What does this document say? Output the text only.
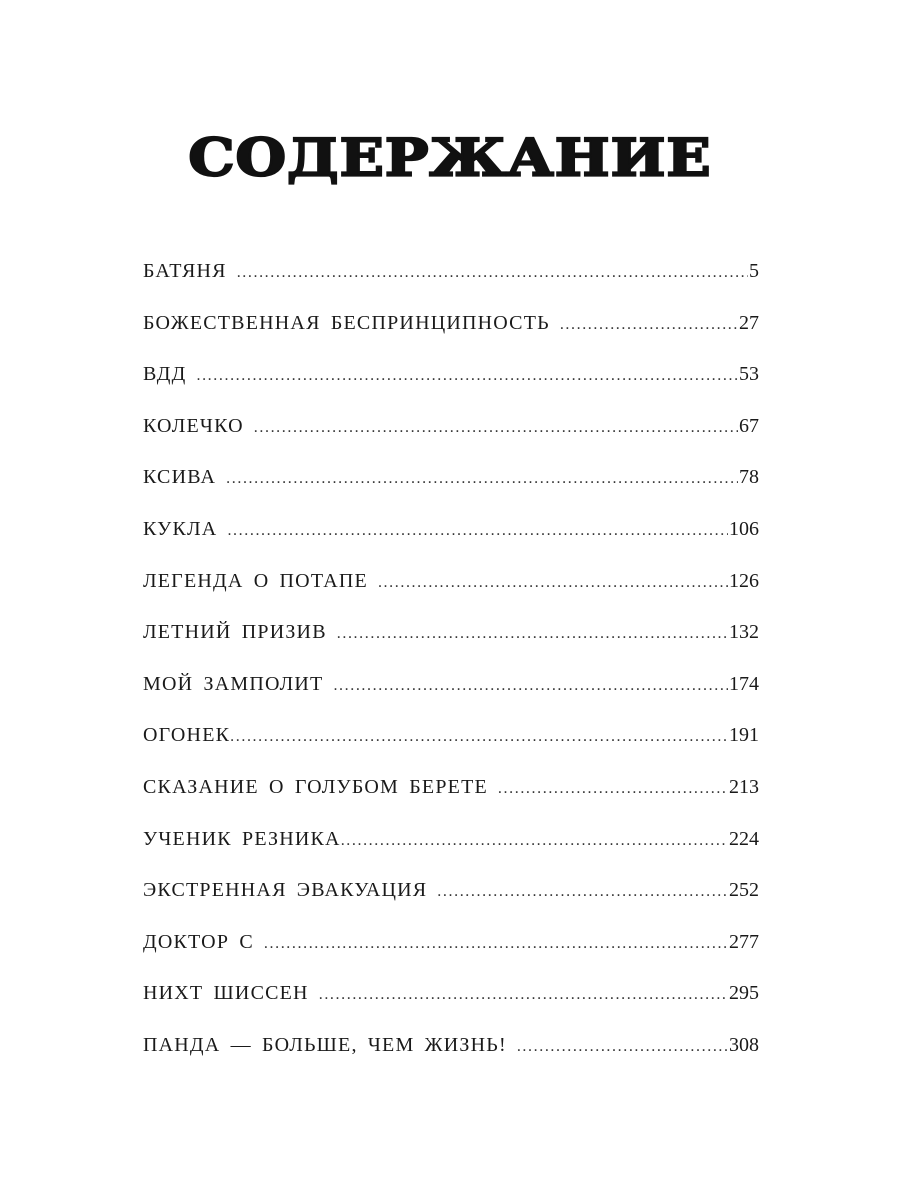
СОДЕРЖАНИЕ
БАТЯНЯ .....	5
БОЖЕСТВЕННАЯ БЕСПРИНЦИПНОСТЬ .....	27
ВДД .....	53
КОЛЕЧКО .....	67
КСИВА .....	78
КУКЛА .....	106
ЛЕГЕНДА О ПОТАПЕ .....	126
ЛЕТНИЙ ПРИЗИВ .....	132
МОЙ ЗАМПОЛИТ .....	174
ОГОНЕК .....	191
СКАЗАНИЕ О ГОЛУБОМ БЕРЕТЕ .....	213
УЧЕНИК РЕЗНИКА .....	224
ЭКСТРЕННАЯ ЭВАКУАЦИЯ .....	252
ДОКТОР С .....	277
НИХТ ШИССЕН .....	295
ПАНДА — БОЛЬШЕ, ЧЕМ ЖИЗНЬ! .....	308
